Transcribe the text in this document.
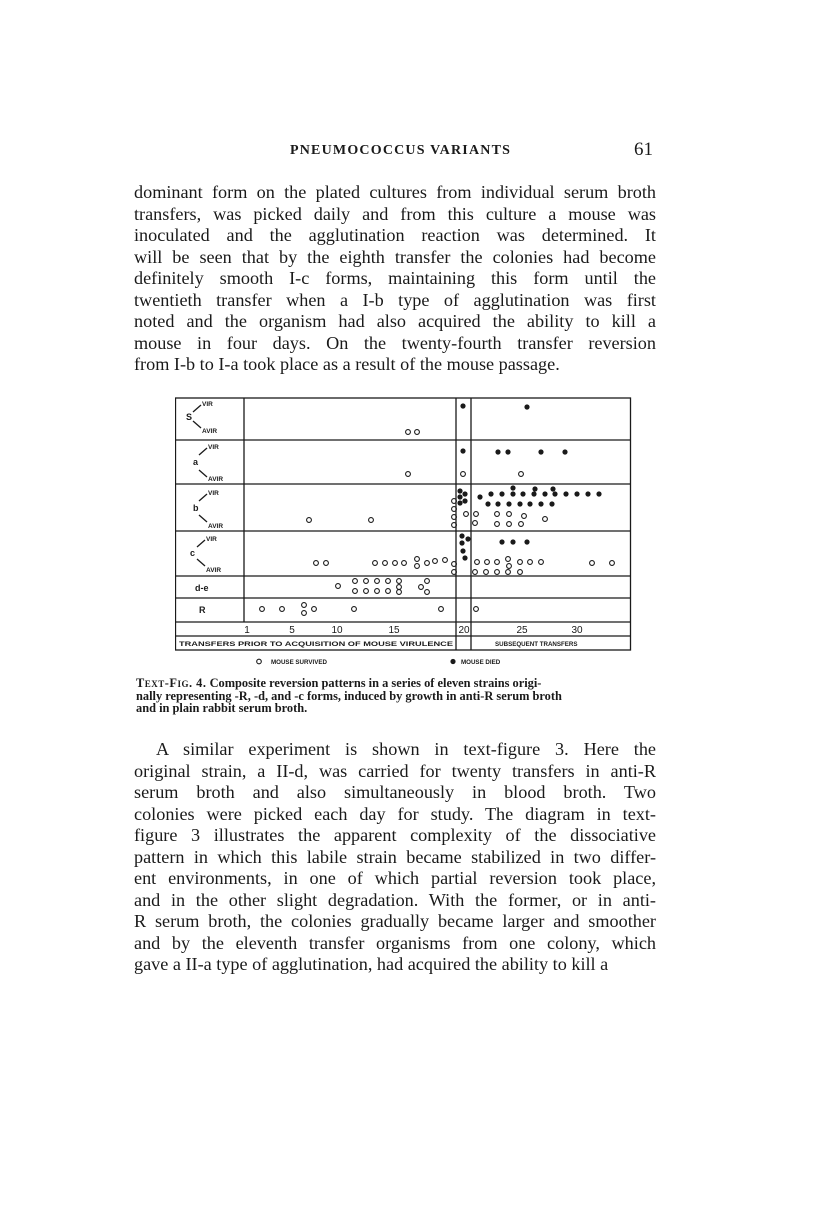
PNEUMOCOCCUS VARIANTS	61
dominant form on the plated cultures from individual serum broth
transfers, was picked daily and from this culture a mouse was
inoculated and the agglutination reaction was determined. It
will be seen that by the eighth transfer the colonies had become
definitely smooth I-c forms, maintaining this form until the
twentieth transfer when a I-b type of agglutination was first
noted and the organism had also acquired the ability to kill a
mouse in four days. On the twenty-fourth transfer reversion
from I-b to I-a took place as a result of the mouse passage.
VIR
AVIR
VIR
AVIR
VIR
AVIR
VIR
AVIR
S
a
b
c
d-e
R
1	5	10	15	20	25	30
TRANSFERS PRIOR TO ACQUISITION OF MOUSE VIRULENCE	SUBSEQUENT TRANSFERS
MOUSE SURVIVED	MOUSE DIED
Text-Fig. 4. Composite reversion patterns in a series of eleven strains origi-
nally representing -R, -d, and -c forms, induced by growth in anti-R serum broth
and in plain rabbit serum broth.
A similar experiment is shown in text-figure 3. Here the
original strain, a II-d, was carried for twenty transfers in anti-R
serum broth and also simultaneously in blood broth. Two
colonies were picked each day for study. The diagram in text-
figure 3 illustrates the apparent complexity of the dissociative
pattern in which this labile strain became stabilized in two differ-
ent environments, in one of which partial reversion took place,
and in the other slight degradation. With the former, or in anti-
R serum broth, the colonies gradually became larger and smoother
and by the eleventh transfer organisms from one colony, which
gave a II-a type of agglutination, had acquired the ability to kill a
